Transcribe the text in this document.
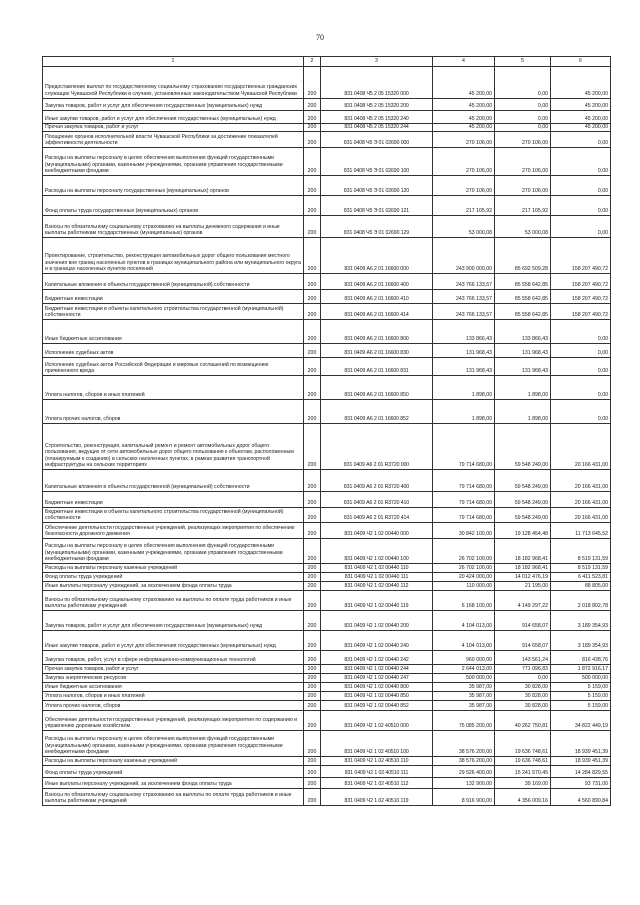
70
1	2	3	4	5	6
Предоставление выплат по государственному социальному страхованию государственных гражданских служащих Чувашской Республики в случаях, установленных законодательством Чувашской Республики	200	831 0408 Ч5 2 05 15320 000	45 200,00	0,00	45 200,00
Закупка товаров, работ и услуг для обеспечения государственных (муниципальных) нужд	200	831 0408 Ч5 2 05 15320 200	45 200,00	0,00	45 200,00
Иные закупки товаров, работ и услуг для обеспечения государственных (муниципальных) нужд	200	831 0408 Ч5 2 05 15320 240	45 200,00	0,00	45 200,00
Прочая закупка товаров, работ и услуг	200	831 0408 Ч5 2 05 15320 244	45 200,00	0,00	45 200,00
Поощрение органов исполнительной власти Чувашской Республики за достижение показателей эффективности деятельности	200	831 0408 Ч5 Э 01 02690 000	270 106,00	270 106,00	0,00
Расходы на выплаты персоналу в целях обеспечения выполнения функций государственными (муниципальными) органами, казенными учреждениями, органами управления государственными внебюджетными фондами	200	831 0408 Ч5 Э 01 02690 100	270 106,00	270 106,00	0,00
Расходы на выплаты персоналу государственных (муниципальных) органов	200	831 0408 Ч5 Э 01 02690 120	270 106,00	270 106,00	0,00
Фонд оплаты труда государственных (муниципальных) органов	200	831 0408 Ч5 Э 01 02690 121	217 105,92	217 105,92	0,00
Взносы по обязательному социальному страхованию на выплаты денежного содержания и иные выплаты работникам государственных (муниципальных) органов	200	831 0408 Ч5 Э 01 02690 129	53 000,08	53 000,08	0,00
Проектирование, строительство, реконструкция автомобильных дорог общего пользования местного значения вне границ населенных пунктов в границах муниципального района или муниципального округа и в границах населенных пунктов поселений	200	831 0409 А6 2 01 16600 000	243 900 000,00	85 692 509,28	158 207 490,72
Капитальные вложения в объекты государственной (муниципальной) собственности	200	831 0409 А6 2 01 16600 400	243 766 133,57	85 558 642,85	158 207 490,72
Бюджетные инвестиции	200	831 0409 А6 2 01 16600 410	243 766 133,57	85 558 642,85	158 207 490,72
Бюджетные инвестиции в объекты капитального строительства государственной (муниципальной) собственности	200	831 0409 А6 2 01 16600 414	243 766 133,57	85 558 642,85	158 207 490,72
Иные бюджетные ассигнования	200	831 0409 А6 2 01 16600 800	133 866,43	133 866,43	0,00
Исполнение судебных актов	200	831 0409 А6 2 01 16600 830	131 968,43	131 968,43	0,00
Исполнение судебных актов Российской Федерации и мировых соглашений по возмещению причиненного вреда	200	831 0409 А6 2 01 16600 831	131 968,43	131 968,43	0,00
Уплата налогов, сборов и иных платежей	200	831 0409 А6 2 01 16600 850	1 898,00	1 898,00	0,00
Уплата прочих налогов, сборов	200	831 0409 А6 2 01 16600 852	1 898,00	1 898,00	0,00
Строительство, реконструкция, капитальный ремонт и ремонт автомобильных дорог общего пользования, ведущих от сети автомобильных дорог общего пользования к объектам, расположенным (планируемым к созданию) в сельских населенных пунктах, в рамках развития транспортной инфраструктуры на сельских территориях	200	831 0409 А6 2 01 R3720 000	79 714 680,00	59 548 249,00	20 166 431,00
Капитальные вложения в объекты государственной (муниципальной) собственности	200	831 0409 А6 2 01 R3720 400	79 714 680,00	59 548 249,00	20 166 431,00
Бюджетные инвестиции	200	831 0409 А6 2 01 R3720 410	79 714 680,00	59 548 249,00	20 166 431,00
Бюджетные инвестиции в объекты капитального строительства государственной (муниципальной) собственности	200	831 0409 А6 2 01 R3720 414	79 714 680,00	59 548 249,00	20 166 431,00
Обеспечение деятельности государственных учреждений, реализующих мероприятия по обеспечению безопасности дорожного движения	200	831 0409 Ч2 1 02 00440 000	30 842 100,00	19 128 454,48	11 713 645,52
Расходы на выплаты персоналу в целях обеспечения выполнения функций государственными (муниципальными) органами, казенными учреждениями, органами управления государственными внебюджетными фондами	200	831 0409 Ч2 1 02 00440 100	26 702 100,00	18 182 968,41	8 519 131,59
Расходы на выплаты персоналу казенных учреждений	200	831 0409 Ч2 1 02 00440 110	26 702 100,00	18 182 968,41	8 519 131,59
Фонд оплаты труда учреждений	200	831 0409 Ч2 1 02 00440 111	20 424 000,00	14 012 476,19	6 411 523,81
Иные выплаты персоналу учреждений, за исключением фонда оплаты труда	200	831 0409 Ч2 1 02 00440 112	110 000,00	21 195,00	88 805,00
Взносы по обязательному социальному страхованию на выплаты по оплате труда работников и иные выплаты работникам учреждений	200	831 0409 Ч2 1 02 00440 119	6 168 100,00	4 149 297,22	2 018 802,78
Закупка товаров, работ и услуг для обеспечения государственных (муниципальных) нужд	200	831 0409 Ч2 1 02 00440 200	4 104 013,00	914 658,07	3 189 354,93
Иные закупки товаров, работ и услуг для обеспечения государственных (муниципальных) нужд	200	831 0409 Ч2 1 02 00440 240	4 104 013,00	914 658,07	3 189 354,93
Закупка товаров, работ, услуг в сфере информационно-коммуникационных технологий	200	831 0409 Ч2 1 02 00440 242	960 000,00	143 561,24	816 438,76
Прочая закупка товаров, работ и услуг	200	831 0409 Ч2 1 02 00440 244	2 644 013,00	771 096,83	1 872 916,17
Закупка энергетических ресурсов	200	831 0409 Ч2 1 02 00440 247	500 000,00	0,00	500 000,00
Иные бюджетные ассигнования	200	831 0409 Ч2 1 02 00440 800	35 987,00	30 828,00	5 159,00
Уплата налогов, сборов и иных платежей	200	831 0409 Ч2 1 02 00440 850	35 987,00	30 828,00	5 159,00
Уплата прочих налогов, сборов	200	831 0409 Ч2 1 02 00440 852	35 987,00	30 828,00	5 159,00
Обеспечение деятельности государственных учреждений, реализующих мероприятия по содержанию и управлению дорожным хозяйством	200	831 0409 Ч2 1 02 40510 000	75 085 200,00	40 262 750,81	34 822 449,19
Расходы на выплаты персоналу в целях обеспечения выполнения функций государственными (муниципальными) органами, казенными учреждениями, органами управления государственными внебюджетными фондами	200	831 0409 Ч2 1 02 40510 100	38 576 200,00	19 636 748,61	18 939 451,39
Расходы на выплаты персоналу казенных учреждений	200	831 0409 Ч2 1 02 40510 110	38 576 200,00	19 636 748,61	18 939 451,39
Фонд оплаты труда учреждений	200	831 0409 Ч2 1 02 40510 111	29 526 400,00	15 241 570,45	14 284 829,55
Иные выплаты персоналу учреждений, за исключением фонда оплаты труда	200	831 0409 Ч2 1 02 40510 112	132 900,00	39 169,00	93 731,00
Взносы по обязательному социальному страхованию на выплаты по оплате труда работников и иные выплаты работникам учреждений	200	831 0409 Ч2 1 02 40510 119	8 916 900,00	4 356 009,16	4 560 890,84
